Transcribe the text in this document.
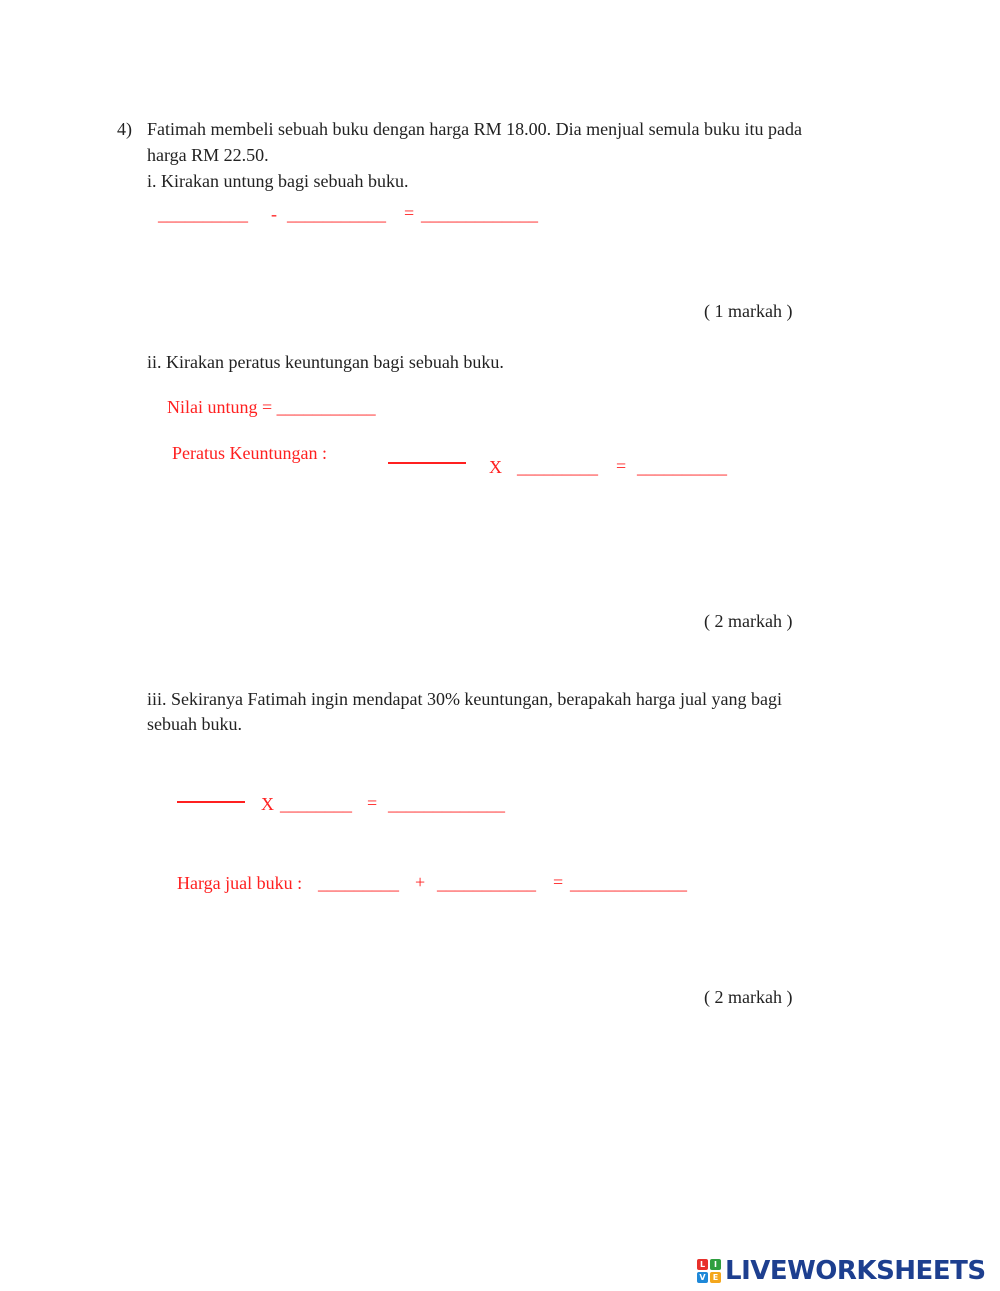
4) Fatimah membeli sebuah buku dengan harga RM 18.00. Dia menjual semula buku itu pada
harga RM 22.50.
i. Kirakan untung bagi sebuah buku.
__________ - ___________ = _____________
( 1 markah )
ii. Kirakan peratus keuntungan bagi sebuah buku.
Nilai untung = ___________
Peratus Keuntungan :
X _________ = __________
( 2 markah )
iii. Sekiranya Fatimah ingin mendapat 30% keuntungan, berapakah harga jual yang bagi
sebuah buku.
X ________ = _____________
Harga jual buku : _________ + ___________ = _____________
( 2 markah )
L	I
V E LIVEWORKSHEETS
